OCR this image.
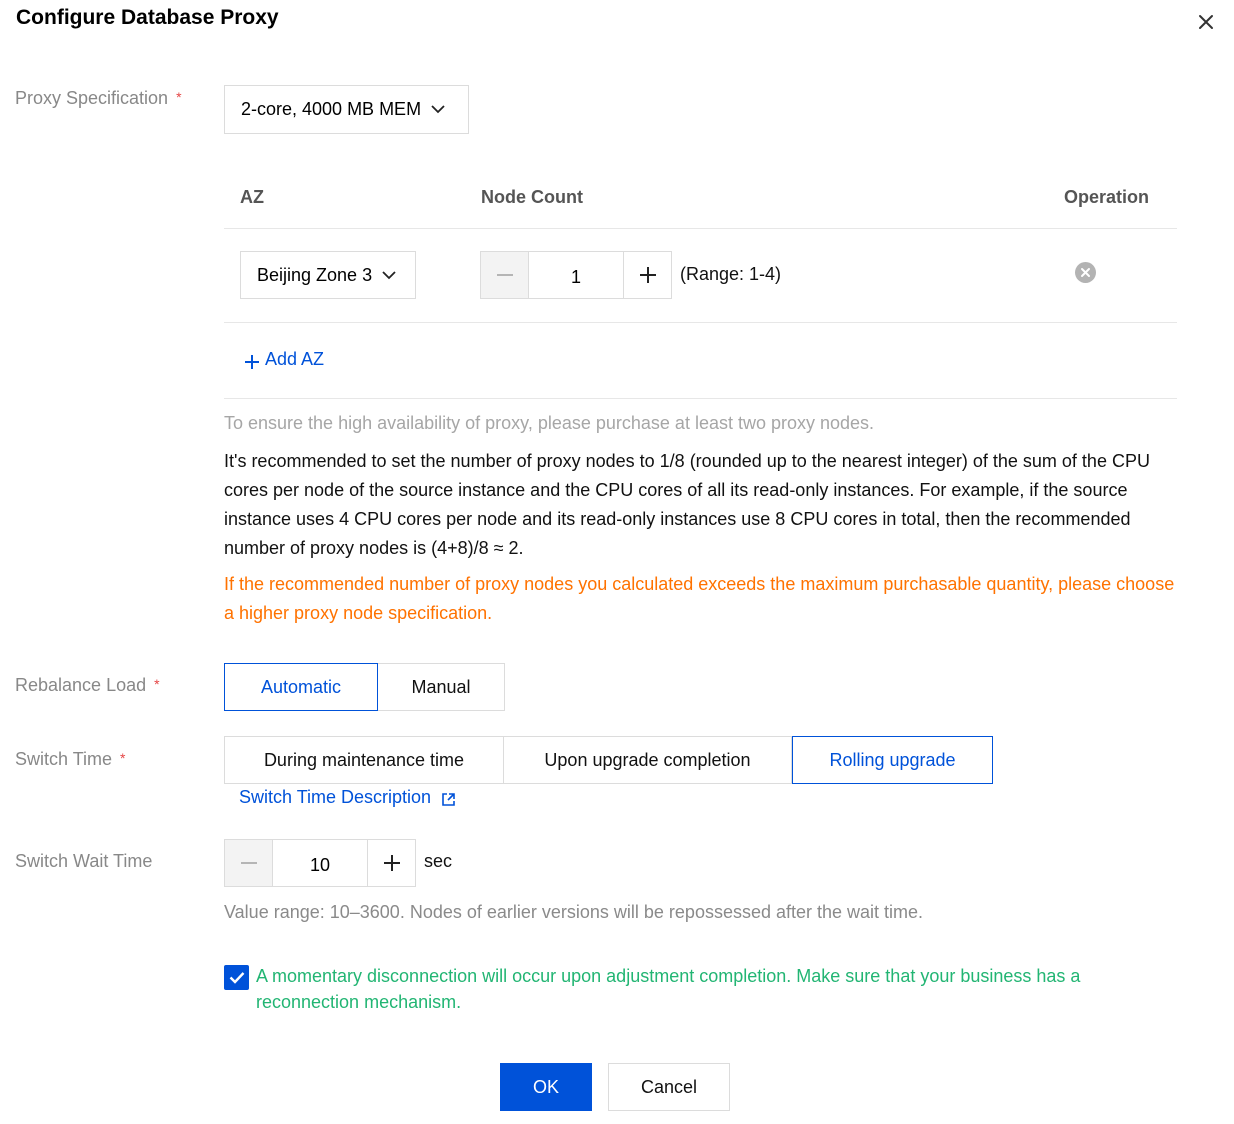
Configure Database Proxy
Proxy Specification *
2-core, 4000 MB MEM
AZ	Node Count	Operation
Beijing Zone 3	1	(Range: 1-4)
Add AZ
To ensure the high availability of proxy, please purchase at least two proxy nodes.
It's recommended to set the number of proxy nodes to 1/8 (rounded up to the nearest integer) of the sum of the CPU cores per node of the source instance and the CPU cores of all its read-only instances. For example, if the source instance uses 4 CPU cores per node and its read-only instances use 8 CPU cores in total, then the recommended number of proxy nodes is (4+8)/8 ≈ 2.
If the recommended number of proxy nodes you calculated exceeds the maximum purchasable quantity, please choose a higher proxy node specification.
Rebalance Load *	Automatic	Manual
Switch Time *	During maintenance time	Upon upgrade completion	Rolling upgrade
Switch Time Description
Switch Wait Time	10	sec
Value range: 10–3600. Nodes of earlier versions will be repossessed after the wait time.
A momentary disconnection will occur upon adjustment completion. Make sure that your business has a reconnection mechanism.
OK	Cancel
